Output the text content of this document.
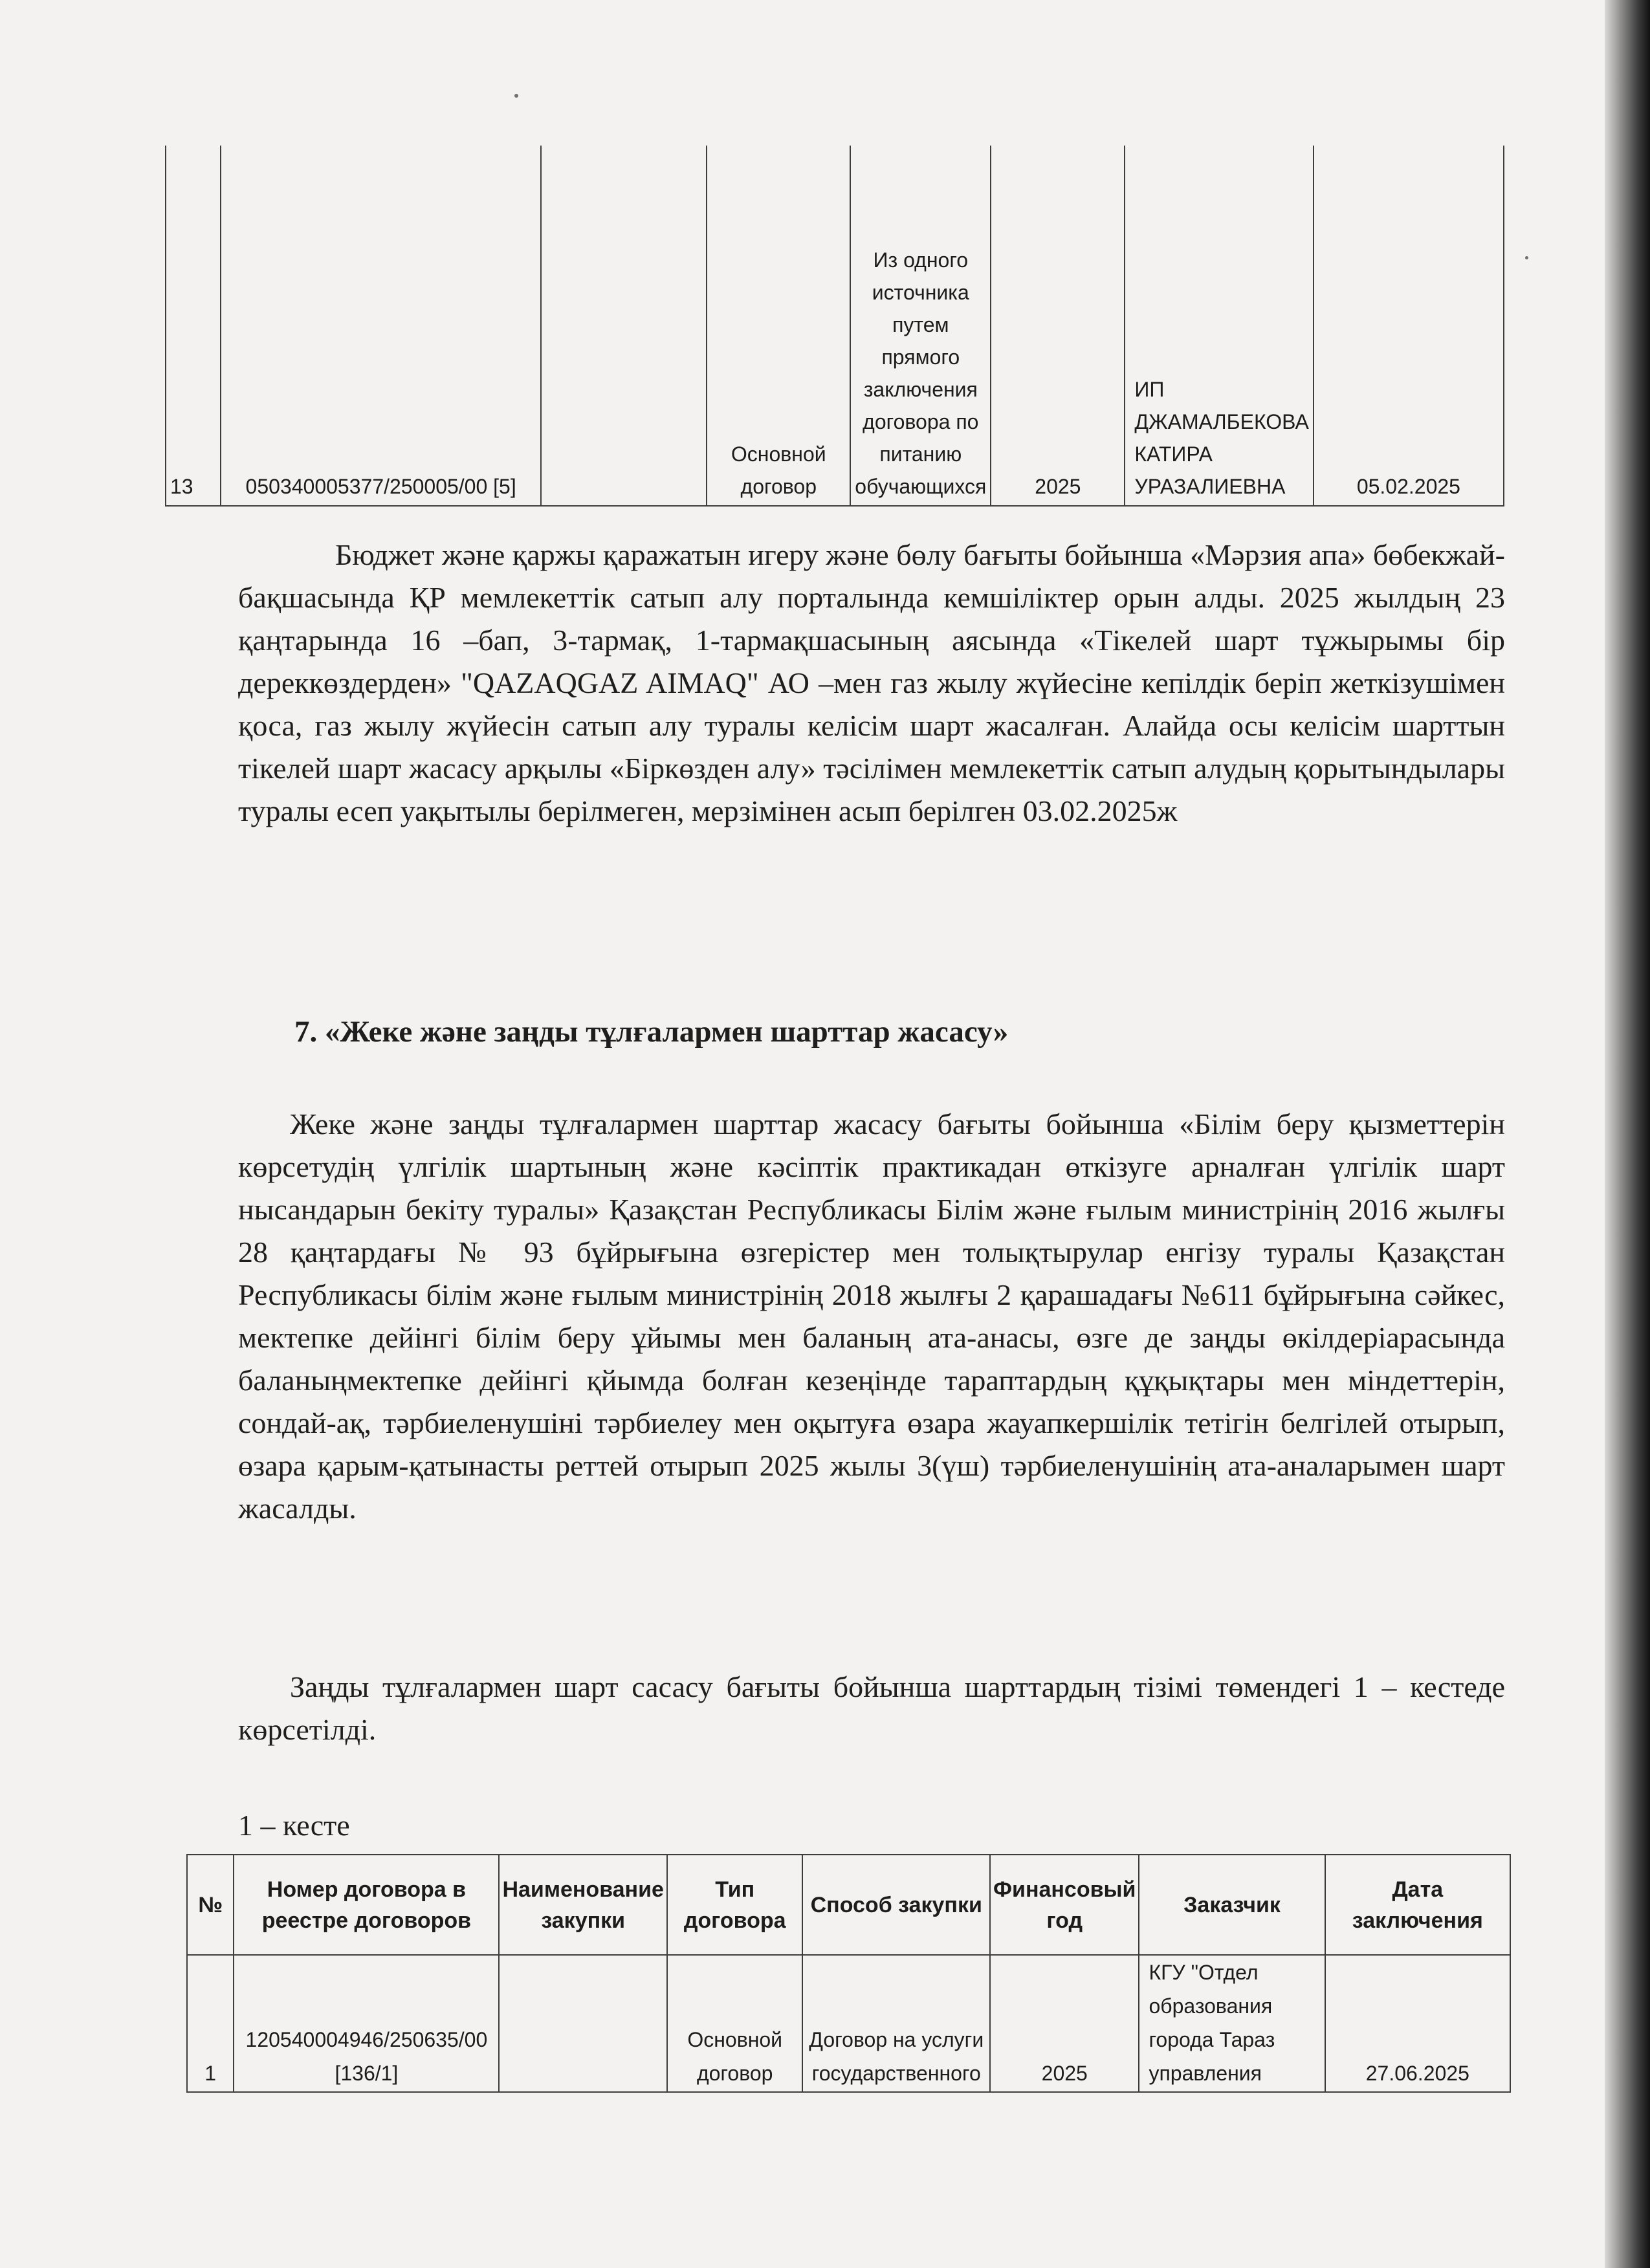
13	050340005377/250005/00 [5]		Основной договор	Из одного источника путем прямого заключения договора по питанию обучающихся	2025	ИП ДЖАМАЛБЕКОВА КАТИРА УРАЗАЛИЕВНА	05.02.2025

Бюджет және қаржы қаражатын игеру және бөлу бағыты бойынша «Мәрзия апа» бөбекжай-бақшасында ҚР мемлекеттік сатып алу порталында кемшіліктер орын алды. 2025 жылдың 23 қаңтарында 16 –бап, 3-тармақ, 1-тармақшасының аясында «Тікелей шарт тұжырымы бір дереккөздерден» "QAZAQGAZ AIMAQ" АО –мен газ жылу жүйесіне кепілдік беріп жеткізушімен қоса, газ жылу жүйесін сатып алу туралы келісім шарт жасалған. Алайда осы келісім шарттын тікелей шарт жасасу арқылы «Біркөзден алу» тәсілімен мемлекеттік сатып алудың қорытындылары туралы есеп уақытылы берілмеген, мерзімінен асып берілген 03.02.2025ж

7. «Жеке және заңды тұлғалармен шарттар жасасу»

Жеке және заңды тұлғалармен шарттар жасасу бағыты бойынша «Білім беру қызметтерін көрсетудің үлгілік шартының және кәсіптік практикадан өткізуге арналған үлгілік шарт нысандарын бекіту туралы» Қазақстан Республикасы Білім және ғылым министрінің 2016 жылғы 28 қаңтардағы № 93 бұйрығына өзгерістер мен толықтырулар енгізу туралы Қазақстан Республикасы білім және ғылым министрінің 2018 жылғы 2 қарашадағы №611 бұйрығына сәйкес, мектепке дейінгі білім беру ұйымы мен баланың ата-анасы, өзге де заңды өкілдеріарасында баланыңмектепке дейінгі қйымда болған кезеңінде тараптардың құқықтары мен міндеттерін, сондай-ақ, тәрбиеленушіні тәрбиелеу мен оқытуға өзара жауапкершілік тетігін белгілей отырып, өзара қарым-қатынасты реттей отырып 2025 жылы 3(үш) тәрбиеленушінің ата-аналарымен шарт жасалды.

Заңды тұлғалармен шарт сасасу бағыты бойынша шарттардың тізімі төмендегі 1 – кестеде көрсетілді.

1 – кесте
№	Номер договора в реестре договоров	Наименование закупки	Тип договора	Способ закупки	Финансовый год	Заказчик	Дата заключения
1	120540004946/250635/00 [136/1]		Основной договор	Договор на услуги государственного	2025	КГУ "Отдел образования города Тараз управления	27.06.2025
